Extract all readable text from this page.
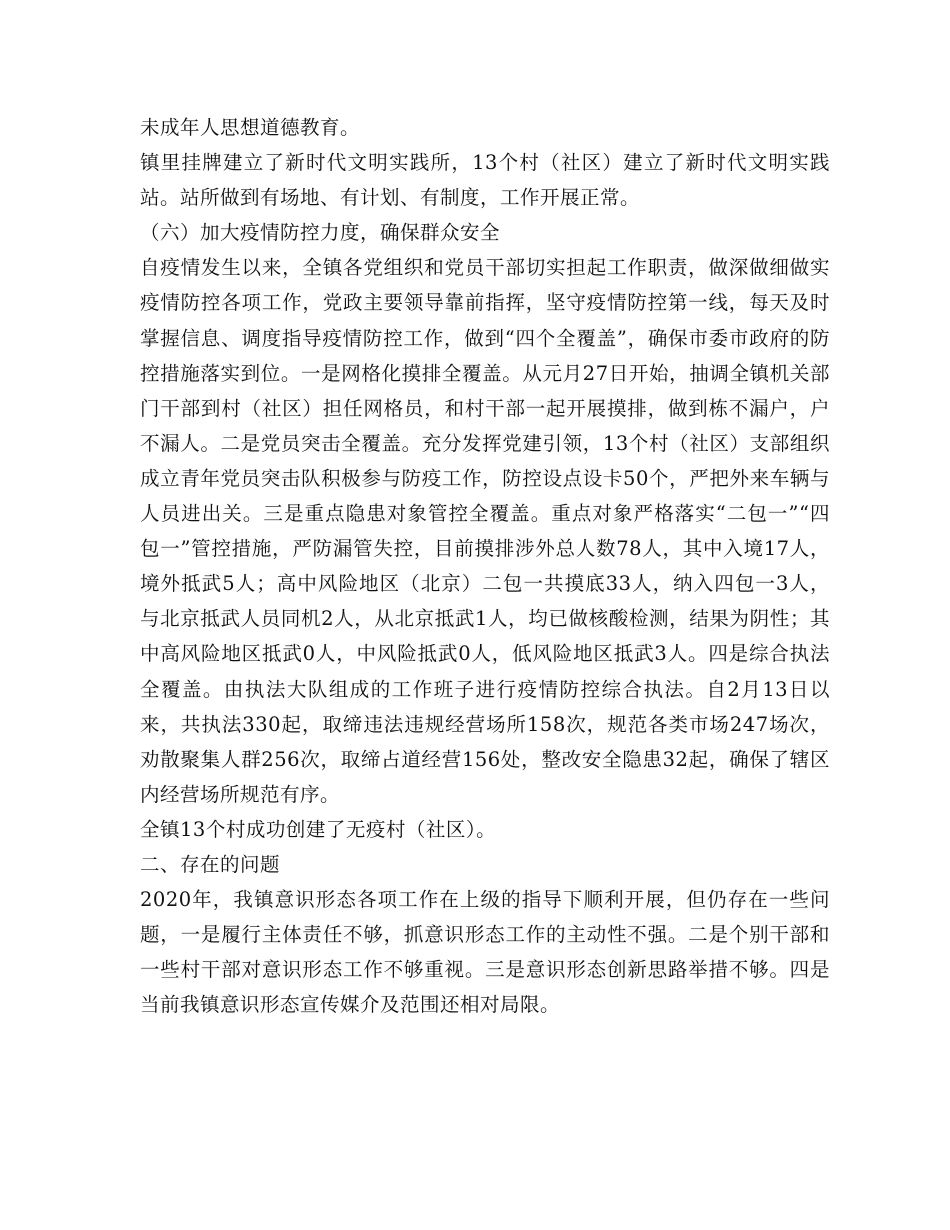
未成年人思想道德教育。

镇里挂牌建立了新时代文明实践所，13个村（社区）建立了新时代文明实践站。站所做到有场地、有计划、有制度，工作开展正常。

（六）加大疫情防控力度，确保群众安全

自疫情发生以来，全镇各党组织和党员干部切实担起工作职责，做深做细做实疫情防控各项工作，党政主要领导靠前指挥，坚守疫情防控第一线，每天及时掌握信息、调度指导疫情防控工作，做到“四个全覆盖”，确保市委市政府的防控措施落实到位。一是网格化摸排全覆盖。从元月27日开始，抽调全镇机关部门干部到村（社区）担任网格员，和村干部一起开展摸排，做到栋不漏户，户不漏人。二是党员突击全覆盖。充分发挥党建引领，13个村（社区）支部组织成立青年党员突击队积极参与防疫工作，防控设点设卡50个，严把外来车辆与人员进出关。三是重点隐患对象管控全覆盖。重点对象严格落实“二包一”“四包一”管控措施，严防漏管失控，目前摸排涉外总人数78人，其中入境17人，境外抵武5人；高中风险地区（北京）二包一共摸底33人，纳入四包一3人，与北京抵武人员同机2人，从北京抵武1人，均已做核酸检测，结果为阴性；其中高风险地区抵武0人，中风险抵武0人，低风险地区抵武3人。四是综合执法全覆盖。由执法大队组成的工作班子进行疫情防控综合执法。自2月13日以来，共执法330起，取缔违法违规经营场所158次，规范各类市场247场次，劝散聚集人群256次，取缔占道经营156处，整改安全隐患32起，确保了辖区内经营场所规范有序。

全镇13个村成功创建了无疫村（社区）。

二、存在的问题

2020年，我镇意识形态各项工作在上级的指导下顺利开展，但仍存在一些问题，一是履行主体责任不够，抓意识形态工作的主动性不强。二是个别干部和一些村干部对意识形态工作不够重视。三是意识形态创新思路举措不够。四是当前我镇意识形态宣传媒介及范围还相对局限。
